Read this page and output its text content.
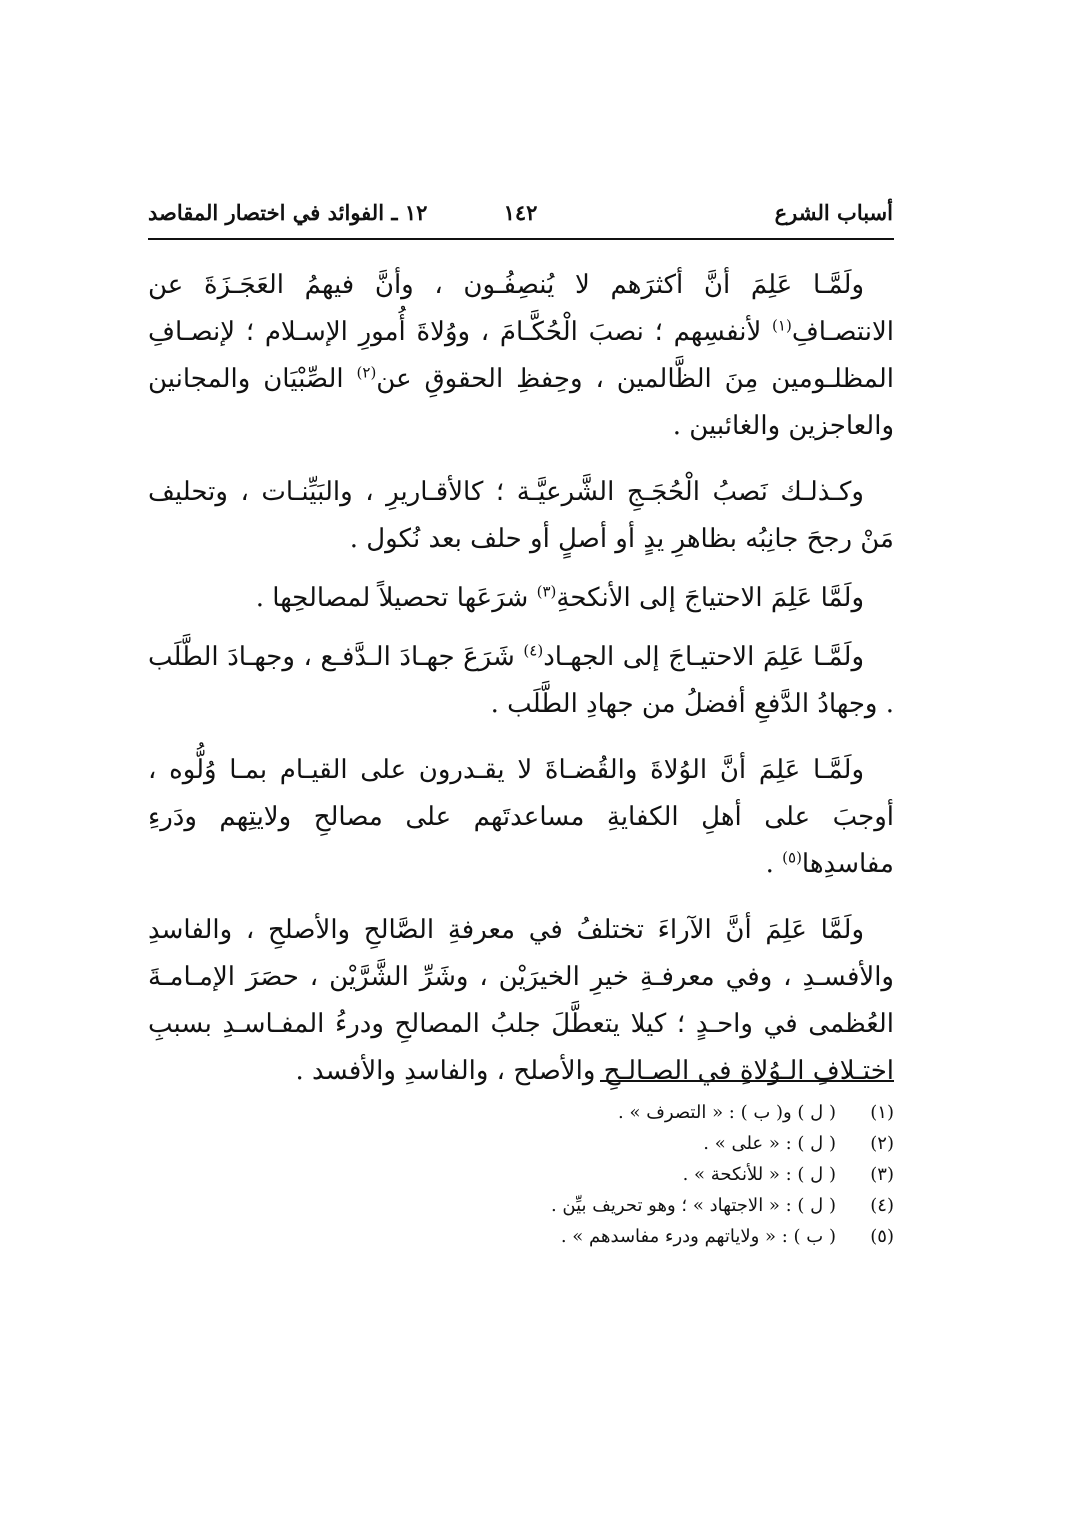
أسباب الشرع
١٤٢
١٢ ـ الفوائد في اختصار المقاصد

ولَمَّـا عَلِمَ أنَّ أكثرَهم لا يُنصِفُـون ، وأنَّ فيهمُ العَجَـزَةَ عن الانتصـافِ$^{(١)}$ لأنفسِهم ؛ نصبَ الْحُكَّـامَ ، ووُلاةَ أُمورِ الإسـلام ؛ لإنصـافِ المظلـومين مِنَ الظَّالمين ، وحِفظِ الحقوقِ عن$^{(٢)}$ الصِّبْيَان والمجانين والعاجزين والغائبين .

وكـذلـك نَصبُ الْحُجَـجِ الشَّرعيَّـة ؛ كالأقـاريرِ ، والبَيِّنـات ، وتحليف مَنْ رجحَ جانِبُه بظاهرِ يدٍ أو أصلٍ أو حلف بعد نُكول .

ولَمَّا عَلِمَ الاحتياجَ إلى الأنكحةِ$^{(٣)}$ شرَعَها تحصيلاً لمصالحِها .

ولَمَّـا عَلِمَ الاحتيـاجَ إلى الجهـاد$^{(٤)}$ شَرَعَ جهـادَ الـدَّفـع ، وجهـادَ الطَّلَب . وجهادُ الدَّفعِ أفضلُ من جهادِ الطَّلَب .

ولَمَّـا عَلِمَ أنَّ الوُلاةَ والقُضـاةَ لا يقـدرون على القيـام بمـا وُلُّوه ، أوجبَ على أهلِ الكفايةِ مساعدتَهم على مصالحِ ولايتِهم ودَرءِ مفاسدِها$^{(٥)}$ .

ولَمَّا عَلِمَ أنَّ الآراءَ تختلفُ في معرفةِ الصَّالحِ والأصلحِ ، والفاسدِ والأفسـدِ ، وفي معرفـةِ خيرِ الخيرَيْن ، وشَرِّ الشَّرَّيْن ، حصَرَ الإمـامـةَ العُظمى في واحـدٍ ؛ كيلا يتعطَّلَ جلبُ المصالحِ ودرءُ المفـاسـدِ بسببِ اختـلافِ الـوُلاةِ في الصـالـحِ والأصلح ، والفاسدِ والأفسد .

(١)
( ل ) و( ب ) : « التصرف » .
(٢)
( ل ) : « على » .
(٣)
( ل ) : « للأنكحة » .
(٤)
( ل ) : « الاجتهاد » ؛ وهو تحريف بيِّن .
(٥)
( ب ) : « ولاياتهم ودرء مفاسدهم » .
